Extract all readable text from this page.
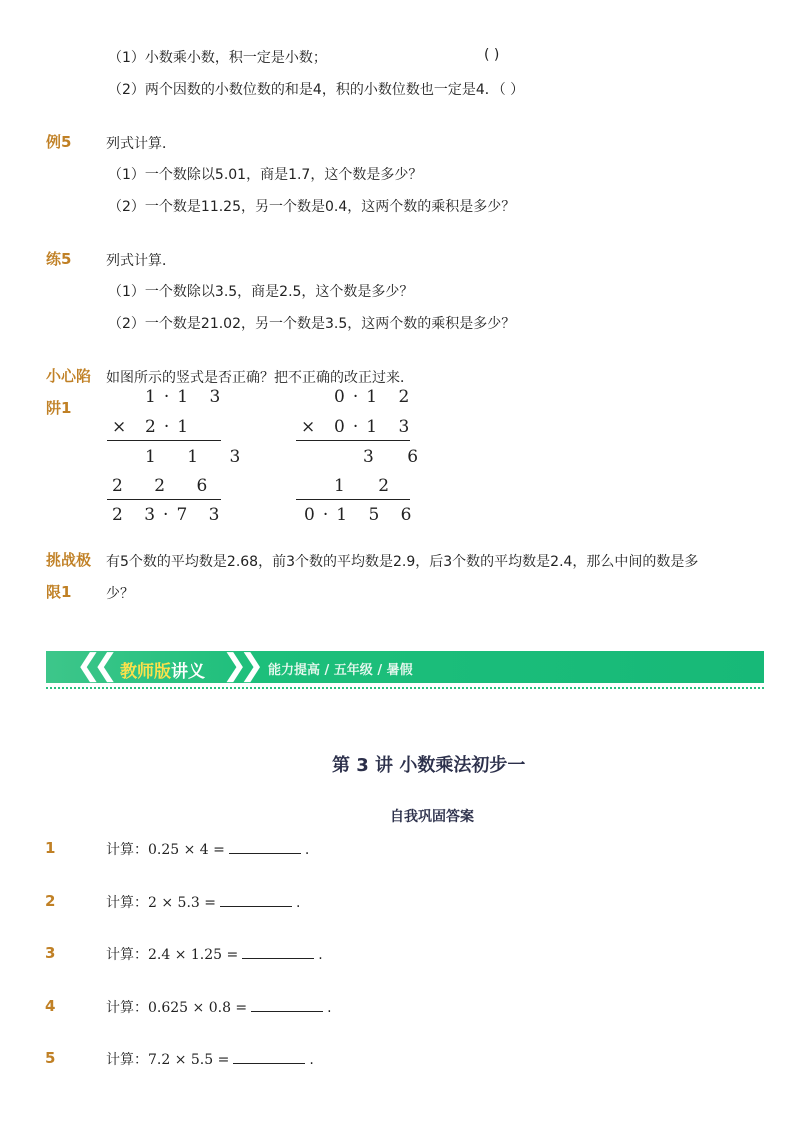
（1）小数乘小数，积一定是小数；	( )
（2）两个因数的小数位数的和是4，积的小数位数也一定是4．（ ）
例5 列式计算．
（1）一个数除以5.01，商是1.7，这个数是多少？
（2）一个数是11.25，另一个数是0.4，这两个数的乘积是多少？
练5 列式计算．
（1）一个数除以3.5，商是2.5，这个数是多少？
（2）一个数是21.02，另一个数是3.5，这两个数的乘积是多少？
小心陷
阱1
如图所示的竖式是否正确？把不正确的改正过来．
1·1 3
× 2·1
1 1 3
2 2 6
2 3·7 3
0·1 2
× 0·1 3
3 6
1 2
0·1 5 6
挑战极
限1
有5个数的平均数是2.68，前3个数的平均数是2.9，后3个数的平均数是2.4，那么中间的数是多
少？
❮❮ 教师版讲义 ❯❯ 能力提高 / 五年级 / 暑假
第 3 讲 小数乘法初步一
自我巩固答案
1	计算：0.25 × 4 =	.
2	计算：2 × 5.3 =	.
3	计算：2.4 × 1.25 =	.
4	计算：0.625 × 0.8 =	.
5	计算：7.2 × 5.5 =	.
